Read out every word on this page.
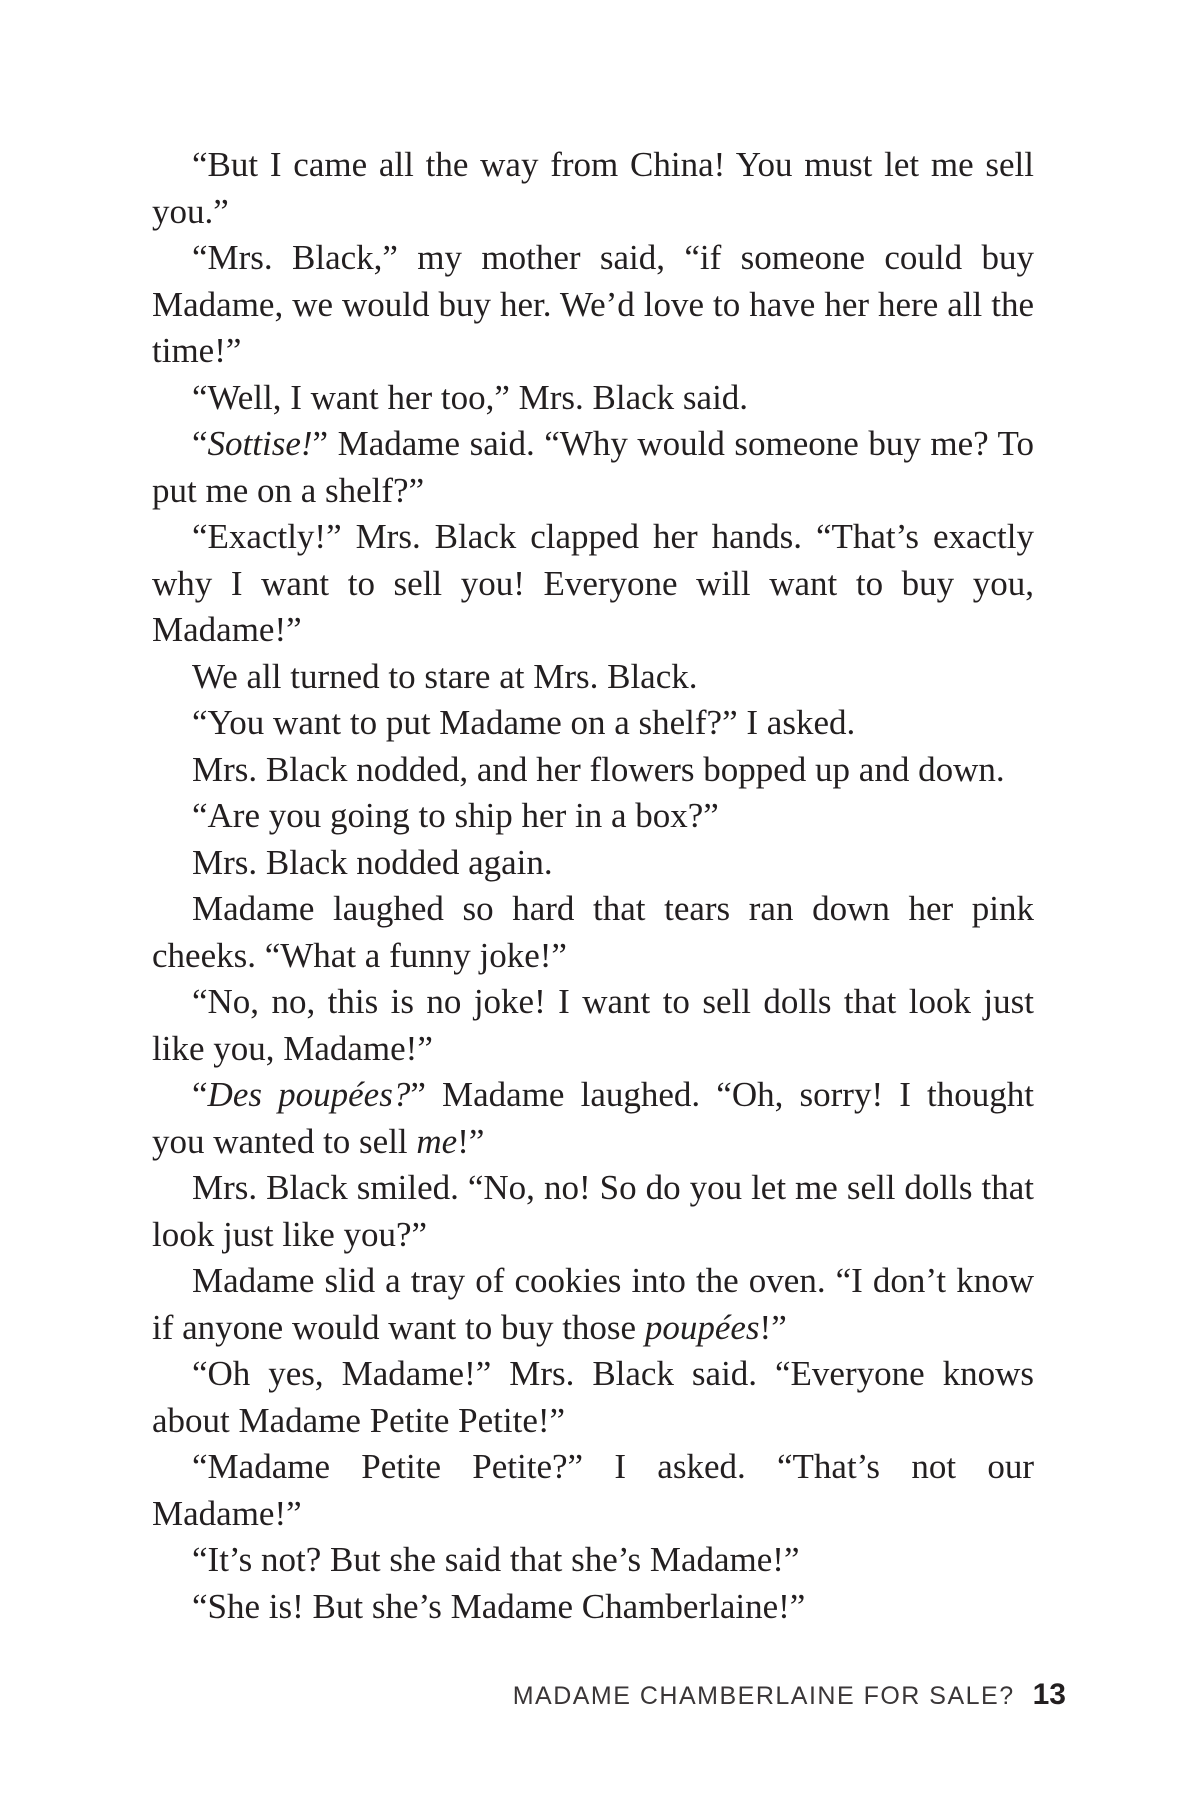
“But I came all the way from China! You must let me sell you.”

“Mrs. Black,” my mother said, “if someone could buy Madame, we would buy her. We’d love to have her here all the time!”

“Well, I want her too,” Mrs. Black said.

“Sottise!” Madame said. “Why would someone buy me? To put me on a shelf?”

“Exactly!” Mrs. Black clapped her hands. “That’s exactly why I want to sell you! Everyone will want to buy you, Madame!”

We all turned to stare at Mrs. Black.

“You want to put Madame on a shelf?” I asked.

Mrs. Black nodded, and her flowers bopped up and down.

“Are you going to ship her in a box?”

Mrs. Black nodded again.

Madame laughed so hard that tears ran down her pink cheeks. “What a funny joke!”

“No, no, this is no joke! I want to sell dolls that look just like you, Madame!”

“Des poupées?” Madame laughed. “Oh, sorry! I thought you wanted to sell me!”

Mrs. Black smiled. “No, no! So do you let me sell dolls that look just like you?”

Madame slid a tray of cookies into the oven. “I don’t know if anyone would want to buy those poupées!”

“Oh yes, Madame!” Mrs. Black said. “Everyone knows about Madame Petite Petite!”

“Madame Petite Petite?” I asked. “That’s not our Madame!”

“It’s not? But she said that she’s Madame!”

“She is! But she’s Madame Chamberlaine!”

MADAME CHAMBERLAINE FOR SALE? 13
